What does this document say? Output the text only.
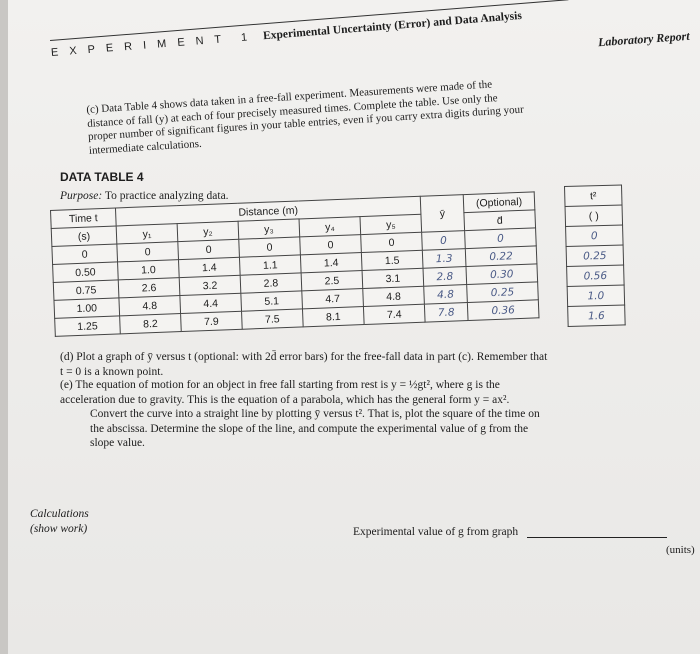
Laboratory Report
E X P E R I M E N T 1 Experimental Uncertainty (Error) and Data Analysis
(c) Data Table 4 shows data taken in a free-fall experiment. Measurements were made of the distance of fall (y) at each of four precisely measured times. Complete the table. Use only the proper number of significant figures in your table entries, even if you carry extra digits during your intermediate calculations.
DATA TABLE 4
Purpose: To practice analyzing data.
Time t	Distance (m)					ȳ	(Optional)
(s)	y₁	y₂	y₃	y₄	y₅		d̄
0	0	0	0	0	0	0	0
0.50	1.0	1.4	1.1	1.4	1.5	1.3	0.22
0.75	2.6	3.2	2.8	2.5	3.1	2.8	0.30
1.00	4.8	4.4	5.1	4.7	4.8	4.8	0.25
1.25	8.2	7.9	7.5	8.1	7.4	7.8	0.36
t²
( )
0
0.25
0.56
1.0
1.6
(d) Plot a graph of ȳ versus t (optional: with 2d̄ error bars) for the free-fall data in part (c). Remember that t = 0 is a known point.
(e) The equation of motion for an object in free fall starting from rest is y = ½gt², where g is the acceleration due to gravity. This is the equation of a parabola, which has the general form y = ax².
Convert the curve into a straight line by plotting ȳ versus t². That is, plot the square of the time on the abscissa. Determine the slope of the line, and compute the experimental value of g from the slope value.
Calculations
(show work)	Experimental value of g from graph
(units)
